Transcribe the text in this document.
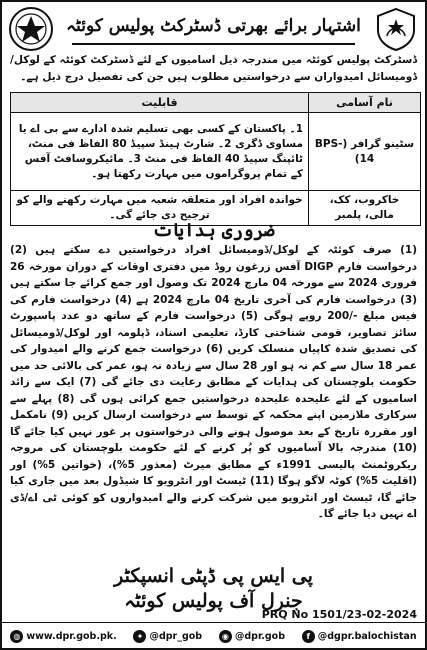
اشتہار برائے بھرتی ڈسٹرکٹ پولیس کوئٹہ

ڈسٹرکٹ پولیس کوئٹہ میں مندرجہ ذیل اسامیوں کے لئے ڈسٹرکٹ کوئٹہ کے لوکل/ڈومیسائل امیدواران سے درخواستیں مطلوب ہیں جن کی تفصیل درج ذیل ہے۔

نام آسامی	قابلیت
سٹینو گرافر (BPS-14)	1۔ پاکستان کے کسی بھی تسلیم شدہ ادارے سے بی اے یا مساوی ڈگری 2۔ شارٹ ہینڈ سپیڈ 80 الفاظ فی منٹ، ٹائپنگ سپیڈ 40 الفاظ فی منٹ 3۔ مائیکروسافٹ آفس کے تمام پروگراموں میں مہارت رکھتا ہو۔
خاکروب، کک، مالی، پلمبر	خواندہ افراد اور متعلقہ شعبہ میں مہارت رکھنے والے کو ترجیح دی جائے گی۔
ضروری ہدایات

(1) صرف کوئٹہ کے لوکل/ڈومیسائل افراد درخواستیں دے سکتے ہیں (2) درخواست فارم DIGP آفس زرغون روڈ میں دفتری اوقات کے دوران مورخہ 26 فروری 2024 سے مورخہ 04 مارچ 2024 تک وصول اور جمع کرائے جا سکتے ہیں (3) درخواست فارم کی آخری تاریخ 04 مارچ 2024 ہے (4) درخواست فارم کی فیس مبلغ -/200 روپے ہوگی (5) درخواست فارم کے ساتھ دو عدد پاسپورٹ سائز تصاویر، قومی شناختی کارڈ، تعلیمی اسناد، ڈپلومہ اور لوکل/ڈومیسائل کی تصدیق شدہ کاپیاں منسلک کریں (6) درخواست جمع کرنے والے امیدوار کی عمر 18 سال سے کم نہ ہو اور 28 سال سے زیادہ نہ ہو، عمر کی بالائی حد میں حکومت بلوچستان کی ہدایات کے مطابق رعایت دی جائے گی (7) ایک سے زائد اسامیوں کے لئے علیحدہ علیحدہ درخواستیں جمع کرائی ہوں گی (8) پہلے سے سرکاری ملازمین اپنے محکمہ کے توسط سے درخواست ارسال کریں (9) نامکمل اور مقررہ تاریخ کے بعد موصول ہونے والی درخواستوں پر غور نہیں کیا جائے گا (10) مندرجہ بالا آسامیوں کو پُر کرنے کے لئے حکومت بلوچستان کی مروجہ ریکروٹمنٹ پالیسی 1991ء کے مطابق میرٹ (معذور 5%)، (خواتین 5%) اور (اقلیت 5%) کوٹہ لاگو ہوگا (11) ٹیسٹ اور انٹرویو کا شیڈول بعد میں جاری کیا جائے گا، ٹیسٹ اور انٹرویو میں شرکت کرنے والے امیدواروں کو کوئی ٹی اے/ڈی اے نہیں دیا جائے گا۔

پی ایس پی ڈپٹی انسپکٹر
جنرل آف پولیس کوئٹہ
PRQ No 1501/23-02-2024
◍ www.dpr.gob.pk.	✦ @dpr_gob	◉ @dpr.gob	f @dgpr.balochistan
